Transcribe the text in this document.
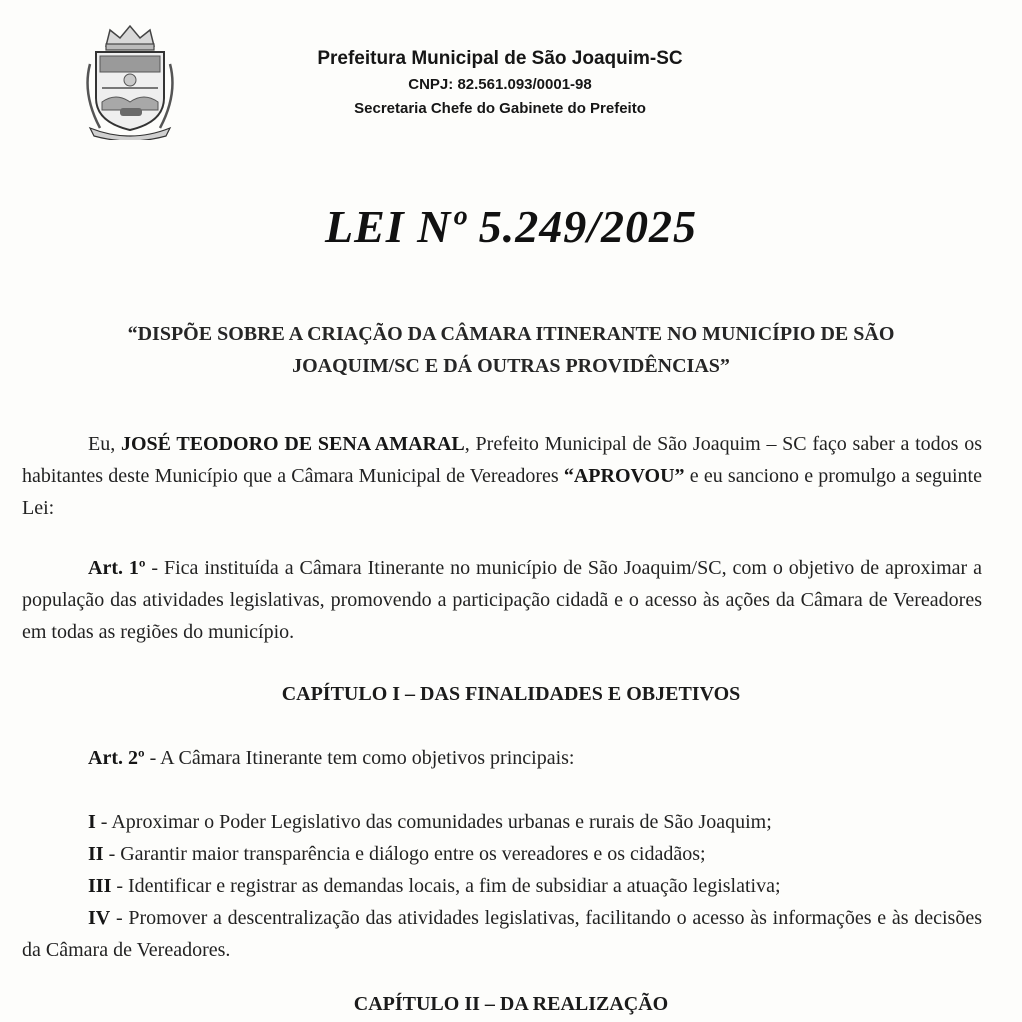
Prefeitura Municipal de São Joaquim-SC
CNPJ: 82.561.093/0001-98
Secretaria Chefe do Gabinete do Prefeito
LEI Nº 5.249/2025
“DISPÕE SOBRE A CRIAÇÃO DA CÂMARA ITINERANTE NO MUNICÍPIO DE SÃO
JOAQUIM/SC E DÁ OUTRAS PROVIDÊNCIAS”
Eu, JOSÉ TEODORO DE SENA AMARAL, Prefeito Municipal de São Joaquim – SC faço saber a todos os habitantes deste Município que a Câmara Municipal de Vereadores “APROVOU” e eu sanciono e promulgo a seguinte Lei:
Art. 1º - Fica instituída a Câmara Itinerante no município de São Joaquim/SC, com o objetivo de aproximar a população das atividades legislativas, promovendo a participação cidadã e o acesso às ações da Câmara de Vereadores em todas as regiões do município.
CAPÍTULO I – DAS FINALIDADES E OBJETIVOS
Art. 2º - A Câmara Itinerante tem como objetivos principais:
I - Aproximar o Poder Legislativo das comunidades urbanas e rurais de São Joaquim;
II - Garantir maior transparência e diálogo entre os vereadores e os cidadãos;
III - Identificar e registrar as demandas locais, a fim de subsidiar a atuação legislativa;
IV - Promover a descentralização das atividades legislativas, facilitando o acesso às informações e às decisões da Câmara de Vereadores.
CAPÍTULO II – DA REALIZAÇÃO
